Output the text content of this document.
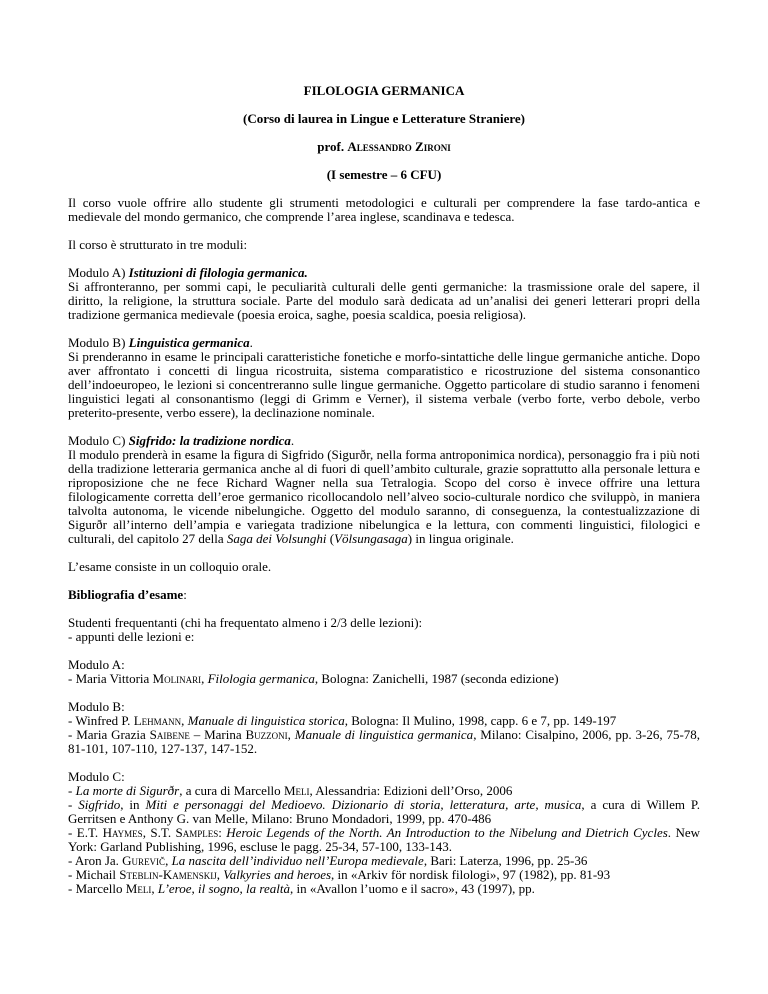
FILOLOGIA GERMANICA

(Corso di laurea in Lingue e Letterature Straniere)

prof. Alessandro Zironi

(I semestre – 6 CFU)

Il corso vuole offrire allo studente gli strumenti metodologici e culturali per comprendere la fase tardo-antica e medievale del mondo germanico, che comprende l’area inglese, scandinava e tedesca.

Il corso è strutturato in tre moduli:

Modulo A) Istituzioni di filologia germanica.

Si affronteranno, per sommi capi, le peculiarità culturali delle genti germaniche: la trasmissione orale del sapere, il diritto, la religione, la struttura sociale. Parte del modulo sarà dedicata ad un’analisi dei generi letterari propri della tradizione germanica medievale (poesia eroica, saghe, poesia scaldica, poesia religiosa).

Modulo B) Linguistica germanica.

Si prenderanno in esame le principali caratteristiche fonetiche e morfo-sintattiche delle lingue germaniche antiche. Dopo aver affrontato i concetti di lingua ricostruita, sistema comparatistico e ricostruzione del sistema consonantico dell’indoeuropeo, le lezioni si concentreranno sulle lingue germaniche. Oggetto particolare di studio saranno i fenomeni linguistici legati al consonantismo (leggi di Grimm e Verner), il sistema verbale (verbo forte, verbo debole, verbo preterito-presente, verbo essere), la declinazione nominale.

Modulo C) Sigfrido: la tradizione nordica.

Il modulo prenderà in esame la figura di Sigfrido (Sigurðr, nella forma antroponimica nordica), personaggio fra i più noti della tradizione letteraria germanica anche al di fuori di quell’ambito culturale, grazie soprattutto alla personale lettura e riproposizione che ne fece Richard Wagner nella sua Tetralogia. Scopo del corso è invece offrire una lettura filologicamente corretta dell’eroe germanico ricollocandolo nell’alveo socio-culturale nordico che sviluppò, in maniera talvolta autonoma, le vicende nibelungiche. Oggetto del modulo saranno, di conseguenza, la contestualizzazione di Sigurðr all’interno dell’ampia e variegata tradizione nibelungica e la lettura, con commenti linguistici, filologici e culturali, del capitolo 27 della Saga dei Volsunghi (Völsungasaga) in lingua originale.

L’esame consiste in un colloquio orale.

Bibliografia d’esame:

Studenti frequentanti (chi ha frequentato almeno i 2/3 delle lezioni):

- appunti delle lezioni e:

Modulo A:

- Maria Vittoria Molinari, Filologia germanica, Bologna: Zanichelli, 1987 (seconda edizione)

Modulo B:

- Winfred P. Lehmann, Manuale di linguistica storica, Bologna: Il Mulino, 1998, capp. 6 e 7, pp. 149-197

- Maria Grazia Saibene – Marina Buzzoni, Manuale di linguistica germanica, Milano: Cisalpino, 2006, pp. 3-26, 75-78, 81-101, 107-110, 127-137, 147-152.

Modulo C:

- La morte di Sigurðr, a cura di Marcello Meli, Alessandria: Edizioni dell’Orso, 2006

- Sigfrido, in Miti e personaggi del Medioevo. Dizionario di storia, letteratura, arte, musica, a cura di Willem P. Gerritsen e Anthony G. van Melle, Milano: Bruno Mondadori, 1999, pp. 470-486

- E.T. Haymes, S.T. Samples: Heroic Legends of the North. An Introduction to the Nibelung and Dietrich Cycles. New York: Garland Publishing, 1996, escluse le pagg. 25-34, 57-100, 133-143.

- Aron Ja. Gurevič, La nascita dell’individuo nell’Europa medievale, Bari: Laterza, 1996, pp. 25-36

- Michail Steblin-Kamenskij, Valkyries and heroes, in «Arkiv för nordisk filologi», 97 (1982), pp. 81-93

- Marcello Meli, L’eroe, il sogno, la realtà, in «Avallon l’uomo e il sacro», 43 (1997), pp.
